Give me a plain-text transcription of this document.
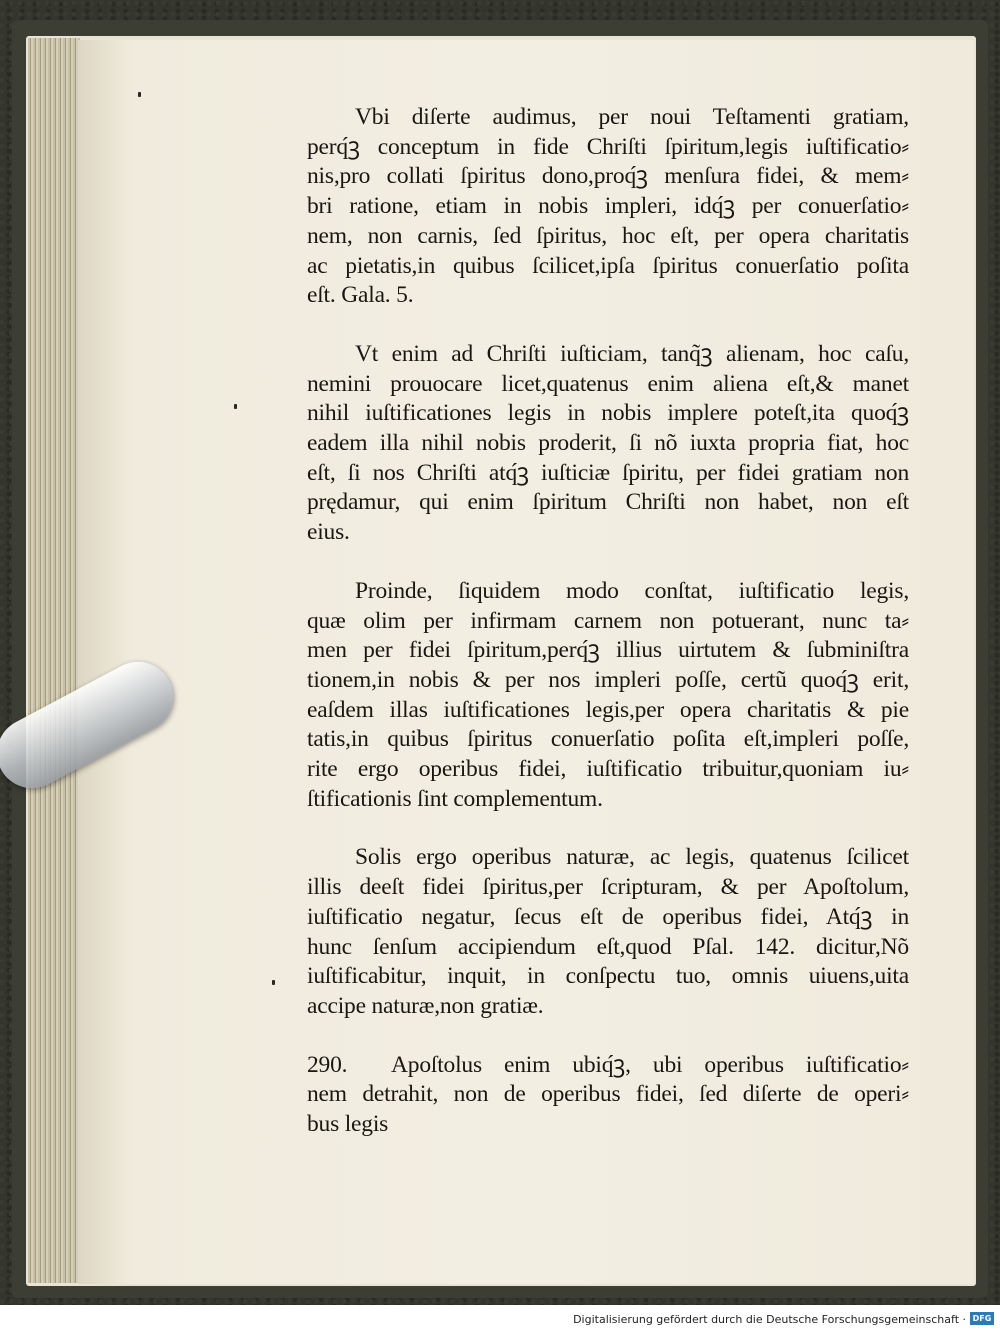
Vbi diſerte audimus, per noui Teſtamenti gratiam,
perq́ꝫ conceptum in fide Chriſti ſpiritum,legis iuſtificatio⸗
nis,pro collati ſpiritus dono,proq́ꝫ menſura fidei, & mem⸗
bri ratione, etiam in nobis impleri, idq́ꝫ per conuerſatio⸗
nem, non carnis, ſed ſpiritus, hoc eſt, per opera charitatis
ac pietatis,in quibus ſcilicet,ipſa ſpiritus conuerſatio poſita
eſt. Gala. 5.
Vt enim ad Chriſti iuſticiam, tanq̃ꝫ alienam, hoc caſu,
nemini prouocare licet,quatenus enim aliena eſt,& manet
nihil iuſtificationes legis in nobis implere poteſt,ita quoq́ꝫ
eadem illa nihil nobis proderit, ſi nõ iuxta propria fiat, hoc
eſt, ſi nos Chriſti atq́ꝫ iuſticiæ ſpiritu, per fidei gratiam non
prędamur, qui enim ſpiritum Chriſti non habet, non eſt
eius.
Proinde, ſiquidem modo conſtat, iuſtificatio legis,
quæ olim per infirmam carnem non potuerant, nunc ta⸗
men per fidei ſpiritum,perq́ꝫ illius uirtutem & ſubminiſtra
tionem,in nobis & per nos impleri poſſe, certũ quoq́ꝫ erit,
eaſdem illas iuſtificationes legis,per opera charitatis & pie
tatis,in quibus ſpiritus conuerſatio poſita eſt,impleri poſſe,
rite ergo operibus fidei, iuſtificatio tribuitur,quoniam iu⸗
ſtificationis ſint complementum.
Solis ergo operibus naturæ, ac legis, quatenus ſcilicet
illis deeſt fidei ſpiritus,per ſcripturam, & per Apoſtolum,
iuſtificatio negatur, ſecus eſt de operibus fidei, Atq́ꝫ in
hunc ſenſum accipiendum eſt,quod Pſal. 142. dicitur,Nõ
iuſtificabitur, inquit, in conſpectu tuo, omnis uiuens,uita
accipe naturæ,non gratiæ.
290.	Apoſtolus enim ubiq́ꝫ, ubi operibus iuſtificatio⸗
nem detrahit, non de operibus fidei, ſed diſerte de operi⸗
bus legis
Digitalisierung gefördert durch die Deutsche Forschungsgemeinschaft · DFG
